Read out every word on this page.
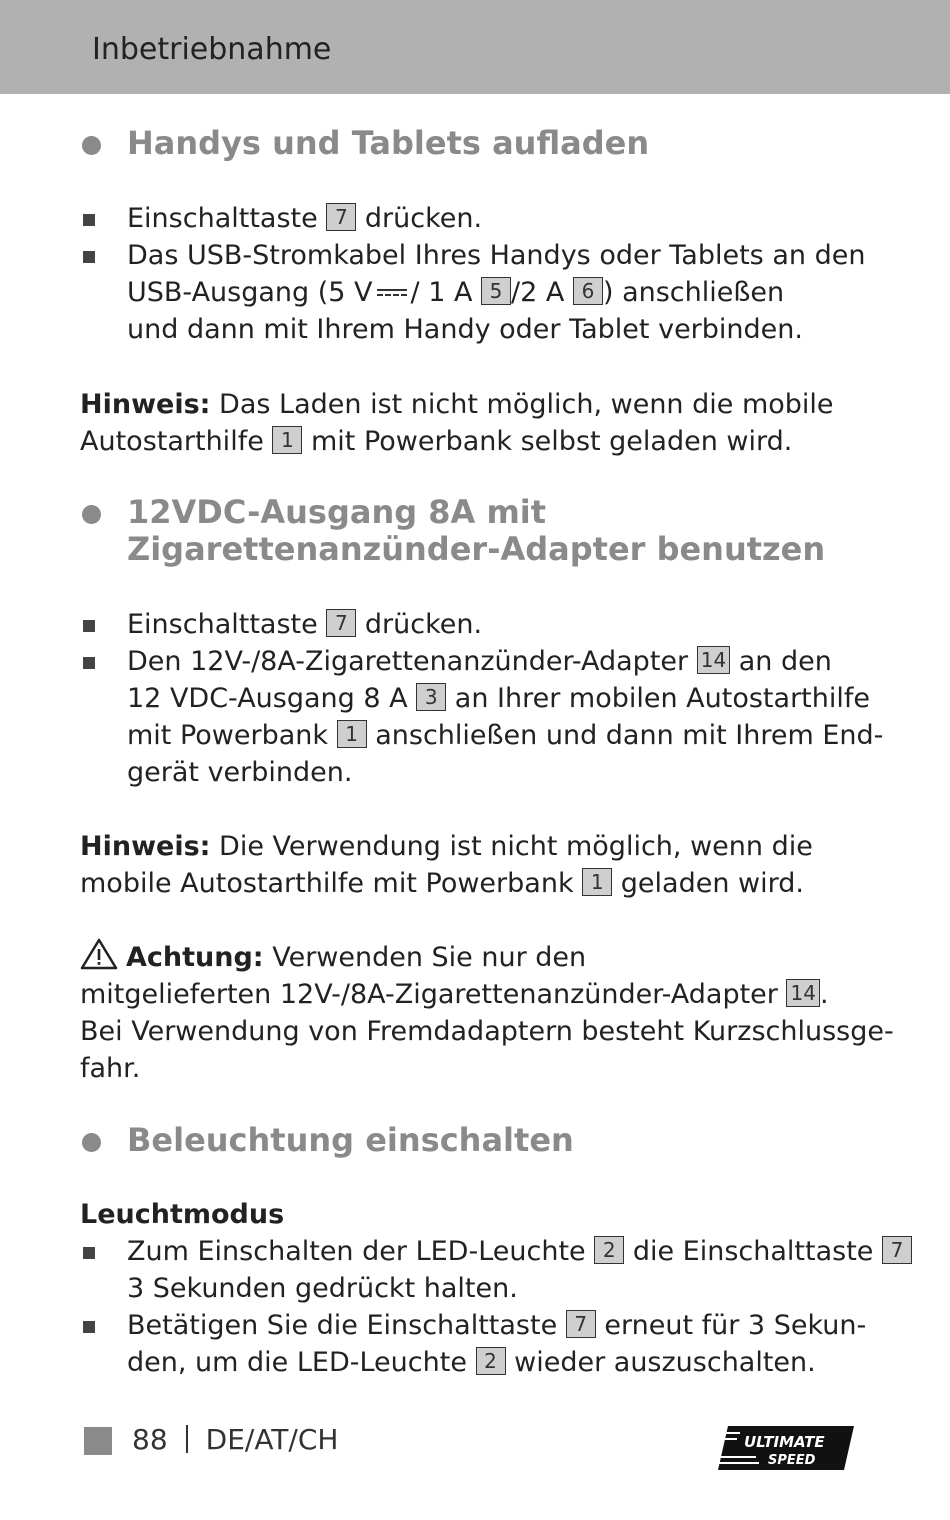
Inbetriebnahme
Handys und Tablets aufladen
Einschalttaste 7 drücken.
Das USB-Stromkabel Ihres Handys oder Tablets an den
USB-Ausgang (5 V / 1 A 5 /2 A 6 ) anschließen
und dann mit Ihrem Handy oder Tablet verbinden.
Hinweis: Das Laden ist nicht möglich, wenn die mobile
Autostarthilfe 1 mit Powerbank selbst geladen wird.
12VDC-Ausgang 8A mit
Zigarettenanzünder-Adapter benutzen
Einschalttaste 7 drücken.
Den 12V-/8A-Zigarettenanzünder-Adapter 14 an den
12 VDC-Ausgang 8 A 3 an Ihrer mobilen Autostarthilfe
mit Powerbank 1 anschließen und dann mit Ihrem End-
gerät verbinden.
Hinweis: Die Verwendung ist nicht möglich, wenn die
mobile Autostarthilfe mit Powerbank 1 geladen wird.
Achtung: Verwenden Sie nur den
mitgelieferten 12V-/8A-Zigarettenanzünder-Adapter 14 .
Bei Verwendung von Fremdadaptern besteht Kurzschlussge-
fahr.
Beleuchtung einschalten
Leuchtmodus
Zum Einschalten der LED-Leuchte 2 die Einschalttaste 7
3 Sekunden gedrückt halten.
Betätigen Sie die Einschalttaste 7 erneut für 3 Sekun-
den, um die LED-Leuchte 2 wieder auszuschalten.
88 DE/AT/CH	ULTIMATE
SPEED
